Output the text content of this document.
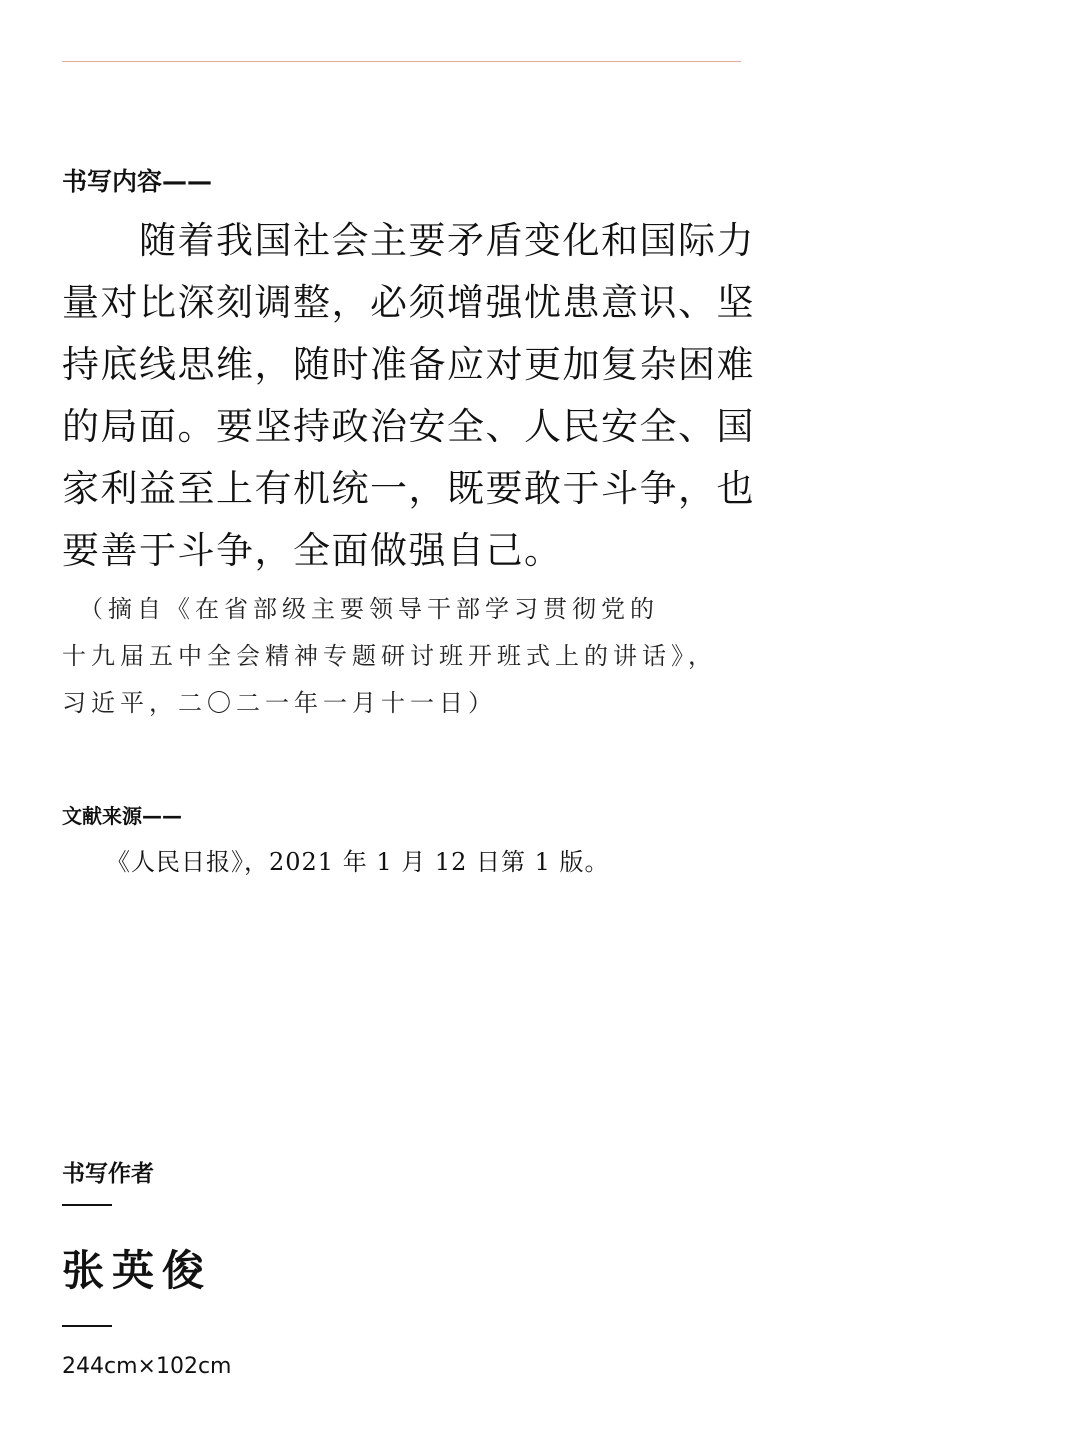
书写内容——
　　随着我国社会主要矛盾变化和国际力
量对比深刻调整，必须增强忧患意识、坚
持底线思维，随时准备应对更加复杂困难
的局面。要坚持政治安全、人民安全、国
家利益至上有机统一，既要敢于斗争，也
要善于斗争，全面做强自己。
　（摘自《在省部级主要领导干部学习贯彻党的
十九届五中全会精神专题研讨班开班式上的讲话》，
习近平，二〇二一年一月十一日）
文献来源——
《人民日报》，2021 年 1 月 12 日第 1 版。
书写作者
张英俊
244cm×102cm
